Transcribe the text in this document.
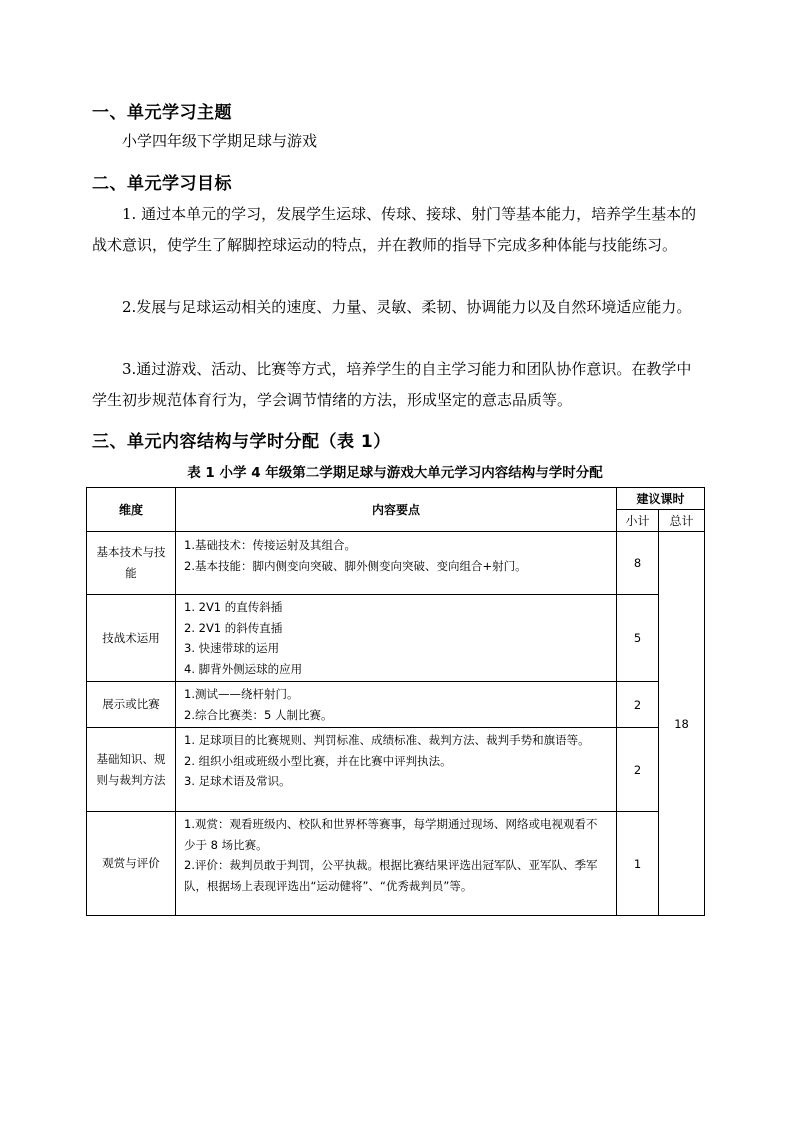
一、单元学习主题

小学四年级下学期足球与游戏

二、单元学习目标

1. 通过本单元的学习，发展学生运球、传球、接球、射门等基本能力，培养学生基本的战术意识，使学生了解脚控球运动的特点，并在教师的指导下完成多种体能与技能练习。

2.发展与足球运动相关的速度、力量、灵敏、柔韧、协调能力以及自然环境适应能力。

3.通过游戏、活动、比赛等方式，培养学生的自主学习能力和团队协作意识。在教学中学生初步规范体育行为，学会调节情绪的方法，形成坚定的意志品质等。

三、单元内容结构与学时分配（表 1）
表 1 小学 4 年级第二学期足球与游戏大单元学习内容结构与学时分配
维度	内容要点	建议课时	
		小计	总计
基本技术与技能	1.基础技术：传接运射及其组合。
2.基本技能：脚内侧变向突破、脚外侧变向突破、变向组合+射门。	8	18
技战术运用	1. 2V1 的直传斜插
2. 2V1 的斜传直插
3. 快速带球的运用
4. 脚背外侧运球的应用	5	
展示或比赛	1.测试——绕杆射门。
2.综合比赛类：5 人制比赛。	2	
基础知识、规则与裁判方法	1. 足球项目的比赛规则、判罚标准、成绩标准、裁判方法、裁判手势和旗语等。
2. 组织小组或班级小型比赛，并在比赛中评判执法。
3. 足球术语及常识。	2	
观赏与评价	1.观赏：观看班级内、校队和世界杯等赛事，每学期通过现场、网络或电视观看不少于 8 场比赛。
2.评价：裁判员敢于判罚，公平执裁。根据比赛结果评选出冠军队、亚军队、季军队，根据场上表现评选出“运动健将”、“优秀裁判员”等。	1	
